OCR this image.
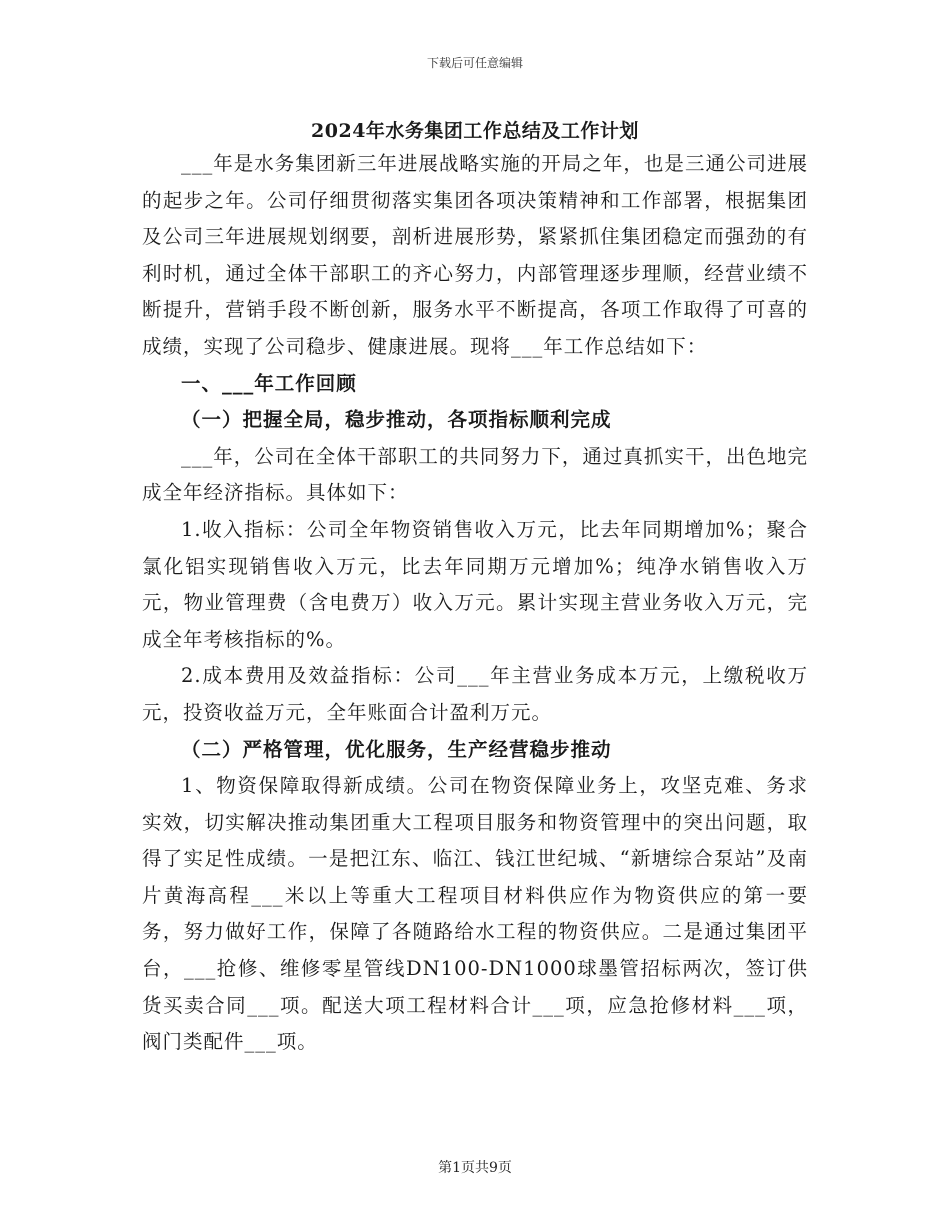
下载后可任意编辑
2024年水务集团工作总结及工作计划

___年是水务集团新三年进展战略实施的开局之年，也是三通公司进展的起步之年。公司仔细贯彻落实集团各项决策精神和工作部署，根据集团及公司三年进展规划纲要，剖析进展形势，紧紧抓住集团稳定而强劲的有利时机，通过全体干部职工的齐心努力，内部管理逐步理顺，经营业绩不断提升，营销手段不断创新，服务水平不断提高，各项工作取得了可喜的成绩，实现了公司稳步、健康进展。现将___年工作总结如下：

一、___年工作回顾
（一）把握全局，稳步推动，各项指标顺利完成

___年，公司在全体干部职工的共同努力下，通过真抓实干，出色地完成全年经济指标。具体如下：

1.收入指标：公司全年物资销售收入万元，比去年同期增加%；聚合氯化铝实现销售收入万元，比去年同期万元增加%；纯净水销售收入万元，物业管理费（含电费万）收入万元。累计实现主营业务收入万元，完成全年考核指标的%。

2.成本费用及效益指标：公司___年主营业务成本万元，上缴税收万元，投资收益万元，全年账面合计盈利万元。

（二）严格管理，优化服务，生产经营稳步推动

1、物资保障取得新成绩。公司在物资保障业务上，攻坚克难、务求实效，切实解决推动集团重大工程项目服务和物资管理中的突出问题，取得了实足性成绩。一是把江东、临江、钱江世纪城、“新塘综合泵站”及南片黄海高程___米以上等重大工程项目材料供应作为物资供应的第一要务，努力做好工作，保障了各随路给水工程的物资供应。二是通过集团平台，___抢修、维修零星管线DN100-DN1000球墨管招标两次，签订供货买卖合同___项。配送大项工程材料合计___项，应急抢修材料___项，阀门类配件___项。

第1页共9页
